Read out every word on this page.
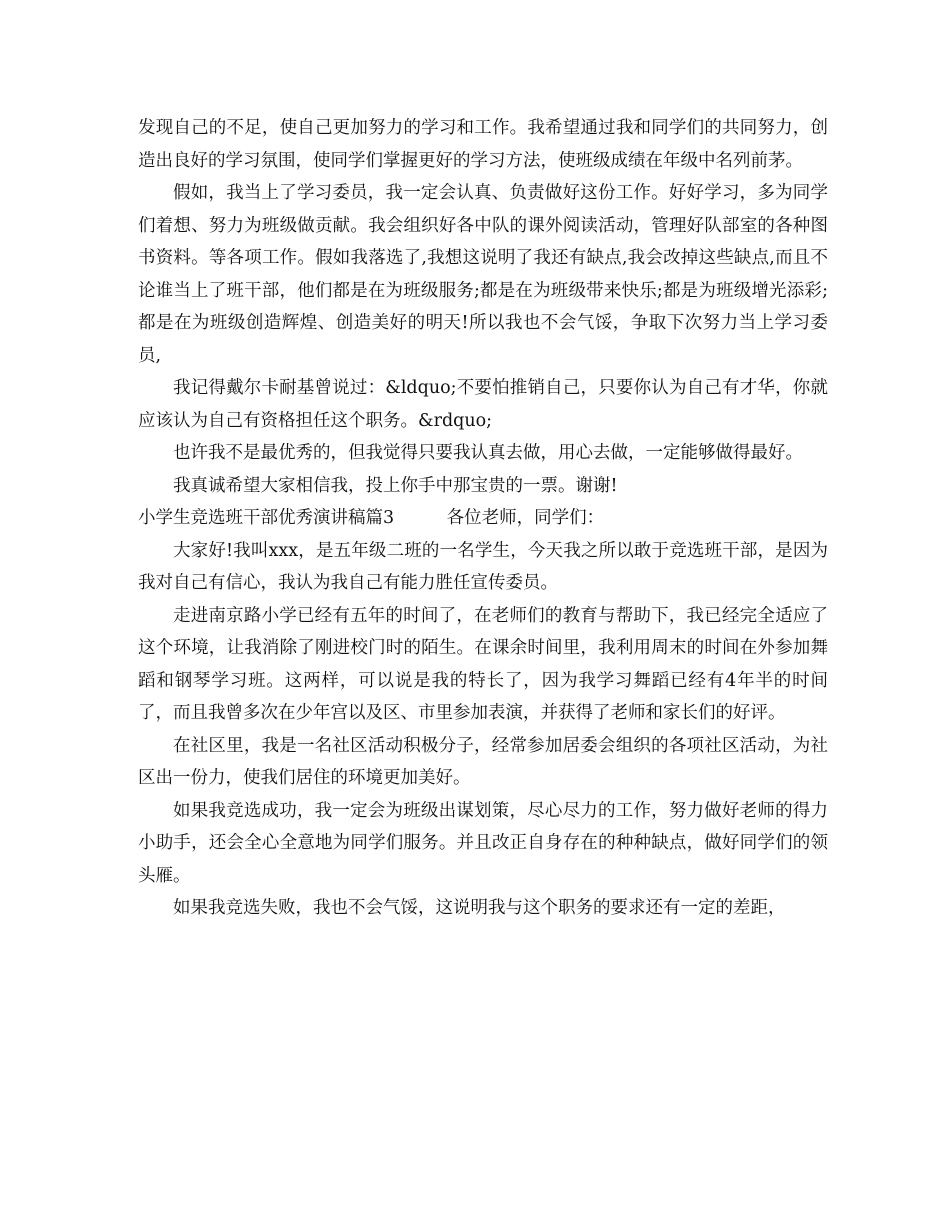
发现自己的不足，使自己更加努力的学习和工作。我希望通过我和同学们的共同努力，创造出良好的学习氛围，使同学们掌握更好的学习方法，使班级成绩在年级中名列前茅。

假如，我当上了学习委员，我一定会认真、负责做好这份工作。好好学习，多为同学们着想、努力为班级做贡献。我会组织好各中队的课外阅读活动，管理好队部室的各种图书资料。等各项工作。假如我落选了,我想这说明了我还有缺点,我会改掉这些缺点,而且不论谁当上了班干部，他们都是在为班级服务;都是在为班级带来快乐;都是为班级增光添彩;都是在为班级创造辉煌、创造美好的明天!所以我也不会气馁，争取下次努力当上学习委员,

我记得戴尔卡耐基曾说过：&ldquo;不要怕推销自己，只要你认为自己有才华，你就应该认为自己有资格担任这个职务。&rdquo;

也许我不是最优秀的，但我觉得只要我认真去做，用心去做，一定能够做得最好。

我真诚希望大家相信我，投上你手中那宝贵的一票。谢谢!

小学生竞选班干部优秀演讲稿篇3　　　各位老师，同学们：

大家好!我叫xxx，是五年级二班的一名学生，今天我之所以敢于竞选班干部，是因为我对自己有信心，我认为我自己有能力胜任宣传委员。

走进南京路小学已经有五年的时间了，在老师们的教育与帮助下，我已经完全适应了这个环境，让我消除了刚进校门时的陌生。在课余时间里，我利用周末的时间在外参加舞蹈和钢琴学习班。这两样，可以说是我的特长了，因为我学习舞蹈已经有4年半的时间了，而且我曾多次在少年宫以及区、市里参加表演，并获得了老师和家长们的好评。

在社区里，我是一名社区活动积极分子，经常参加居委会组织的各项社区活动，为社区出一份力，使我们居住的环境更加美好。

如果我竞选成功，我一定会为班级出谋划策，尽心尽力的工作，努力做好老师的得力小助手，还会全心全意地为同学们服务。并且改正自身存在的种种缺点，做好同学们的领头雁。

如果我竞选失败，我也不会气馁，这说明我与这个职务的要求还有一定的差距，
